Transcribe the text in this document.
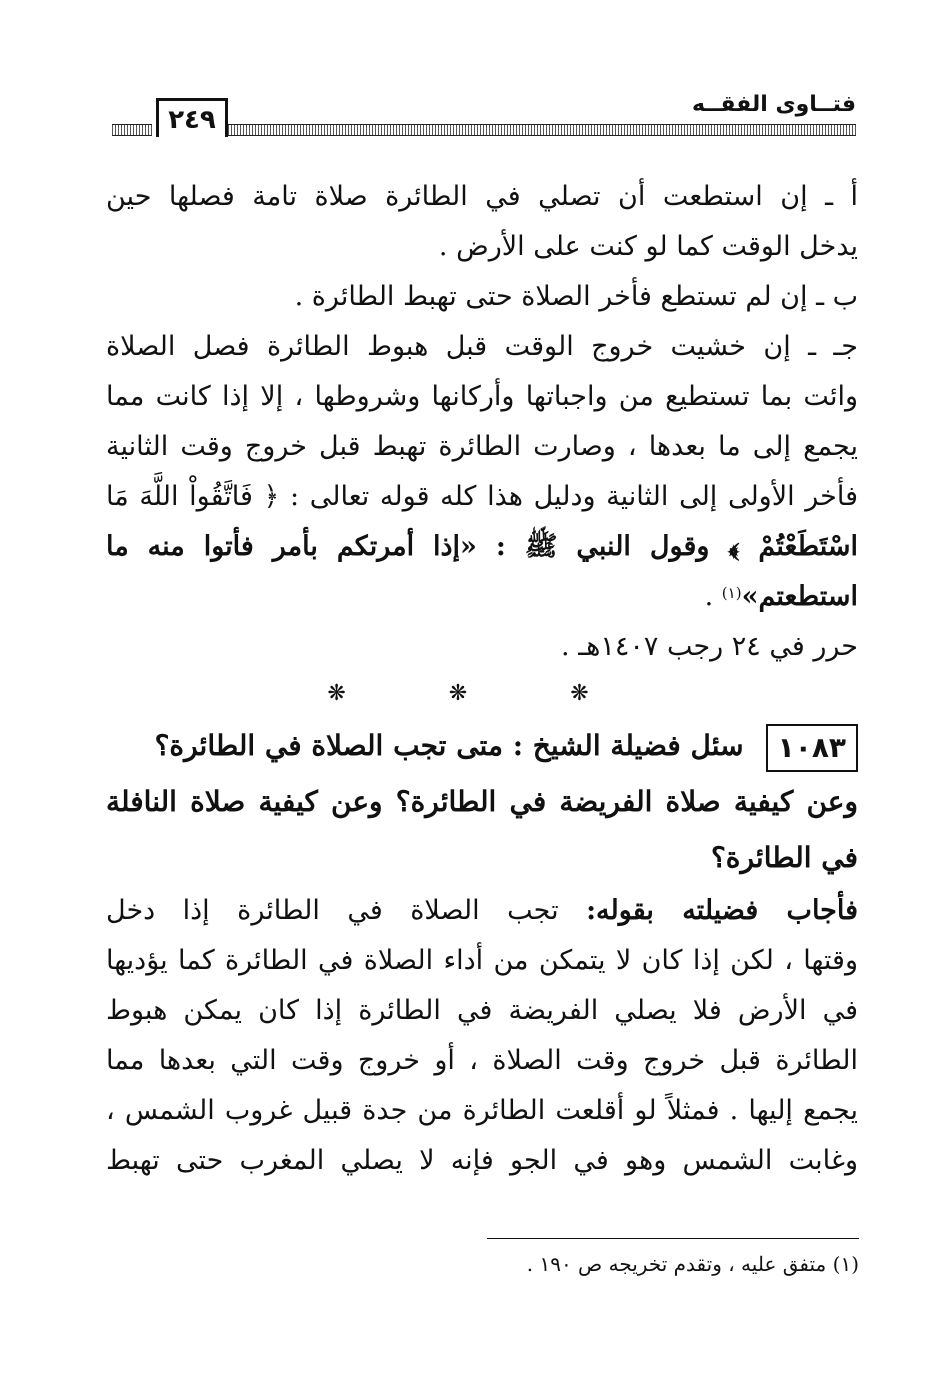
٢٤٩
فتــاوى الفقــه
أ ـ إن استطعت أن تصلي في الطائرة صلاة تامة فصلها حين
يدخل الوقت كما لو كنت على الأرض .
ب ـ إن لم تستطع فأخر الصلاة حتى تهبط الطائرة .
جـ ـ إن خشيت خروج الوقت قبل هبوط الطائرة فصل الصلاة
وائت بما تستطيع من واجباتها وأركانها وشروطها ، إلا إذا كانت مما
يجمع إلى ما بعدها ، وصارت الطائرة تهبط قبل خروج وقت الثانية
فأخر الأولى إلى الثانية ودليل هذا كله قوله تعالى : ﴿ فَاتَّقُواْ اللَّهَ مَا
اسْتَطَعْتُمْ ﴾ وقول النبي ﷺ : «إذا أمرتكم بأمر فأتوا منه ما
استطعتم»$^{(١)}$ .
حرر في ٢٤ رجب ١٤٠٧هـ .
❋ ❋ ❋
١٠٨٣سئل فضيلة الشيخ : متى تجب الصلاة في الطائرة؟
وعن كيفية صلاة الفريضة في الطائرة؟ وعن كيفية صلاة النافلة
في الطائرة؟
فأجاب فضيلته بقوله: تجب الصلاة في الطائرة إذا دخل
وقتها ، لكن إذا كان لا يتمكن من أداء الصلاة في الطائرة كما يؤديها
في الأرض فلا يصلي الفريضة في الطائرة إذا كان يمكن هبوط
الطائرة قبل خروج وقت الصلاة ، أو خروج وقت التي بعدها مما
يجمع إليها . فمثلاً لو أقلعت الطائرة من جدة قبيل غروب الشمس ،
وغابت الشمس وهو في الجو فإنه لا يصلي المغرب حتى تهبط
(١) متفق عليه ، وتقدم تخريجه ص ١٩٠ .
